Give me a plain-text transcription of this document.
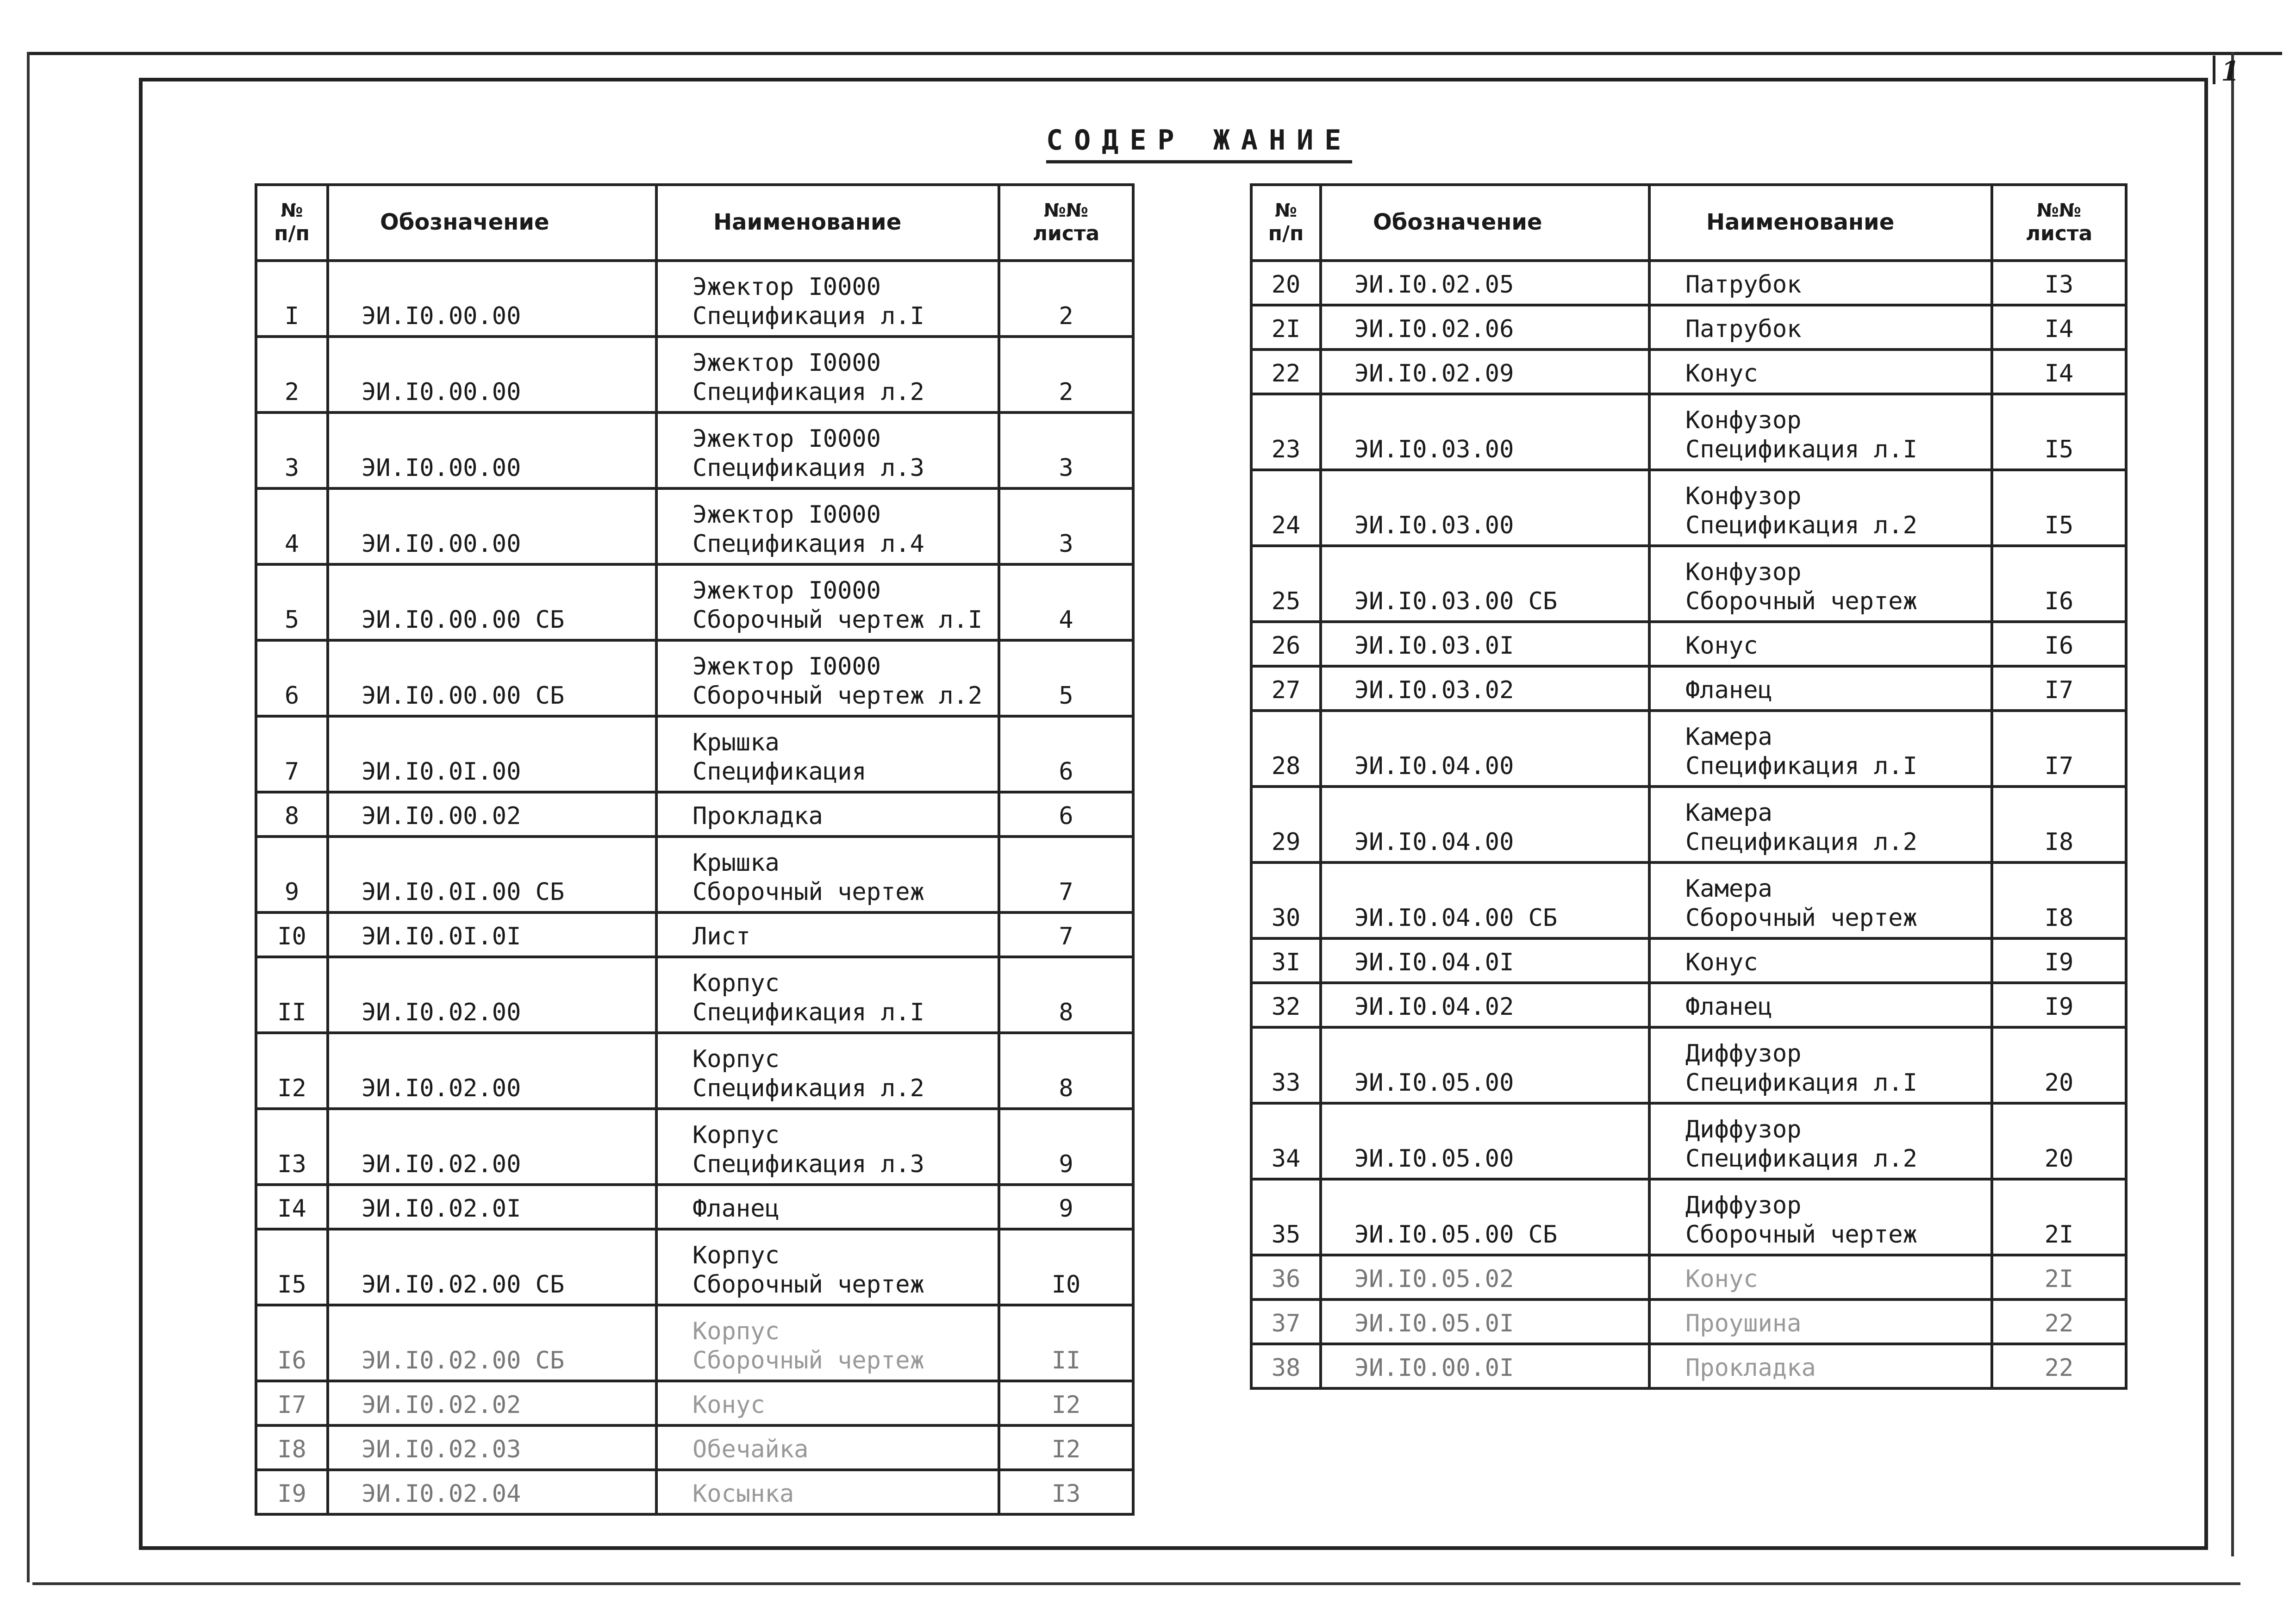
1
СОДЕР ЖАНИЕ
№
п/п	Обозначение	Наименование	№№
листа
I	ЭИ.I0.00.00	Эжектор I0000
Спецификация л.I	2
2	ЭИ.I0.00.00	Эжектор I0000
Спецификация л.2	2
3	ЭИ.I0.00.00	Эжектор I0000
Спецификация л.3	3
4	ЭИ.I0.00.00	Эжектор I0000
Спецификация л.4	3
5	ЭИ.I0.00.00 СБ	Эжектор I0000
Сборочный чертеж л.I	4
6	ЭИ.I0.00.00 СБ	Эжектор I0000
Сборочный чертеж л.2	5
7	ЭИ.I0.0I.00	Крышка
Спецификация	6
8	ЭИ.I0.00.02	Прокладка	6
9	ЭИ.I0.0I.00 СБ	Крышка
Сборочный чертеж	7
I0	ЭИ.I0.0I.0I	Лист	7
II	ЭИ.I0.02.00	Корпус
Спецификация л.I	8
I2	ЭИ.I0.02.00	Корпус
Спецификация л.2	8
I3	ЭИ.I0.02.00	Корпус
Спецификация л.3	9
I4	ЭИ.I0.02.0I	Фланец	9
I5	ЭИ.I0.02.00 СБ	Корпус
Сборочный чертеж	I0
I6	ЭИ.I0.02.00 СБ	Корпус
Сборочный чертеж	II
I7	ЭИ.I0.02.02	Конус	I2
I8	ЭИ.I0.02.03	Обечайка	I2
I9	ЭИ.I0.02.04	Косынка	I3
№
п/п	Обозначение	Наименование	№№
листа
20	ЭИ.I0.02.05	Патрубок	I3
2I	ЭИ.I0.02.06	Патрубок	I4
22	ЭИ.I0.02.09	Конус	I4
23	ЭИ.I0.03.00	Конфузор
Спецификация л.I	I5
24	ЭИ.I0.03.00	Конфузор
Спецификация л.2	I5
25	ЭИ.I0.03.00 СБ	Конфузор
Сборочный чертеж	I6
26	ЭИ.I0.03.0I	Конус	I6
27	ЭИ.I0.03.02	Фланец	I7
28	ЭИ.I0.04.00	Камера
Спецификация л.I	I7
29	ЭИ.I0.04.00	Камера
Спецификация л.2	I8
30	ЭИ.I0.04.00 СБ	Камера
Сборочный чертеж	I8
3I	ЭИ.I0.04.0I	Конус	I9
32	ЭИ.I0.04.02	Фланец	I9
33	ЭИ.I0.05.00	Диффузор
Спецификация л.I	20
34	ЭИ.I0.05.00	Диффузор
Спецификация л.2	20
35	ЭИ.I0.05.00 СБ	Диффузор
Сборочный чертеж	2I
36	ЭИ.I0.05.02	Конус	2I
37	ЭИ.I0.05.0I	Проушина	22
38	ЭИ.I0.00.0I	Прокладка	22
